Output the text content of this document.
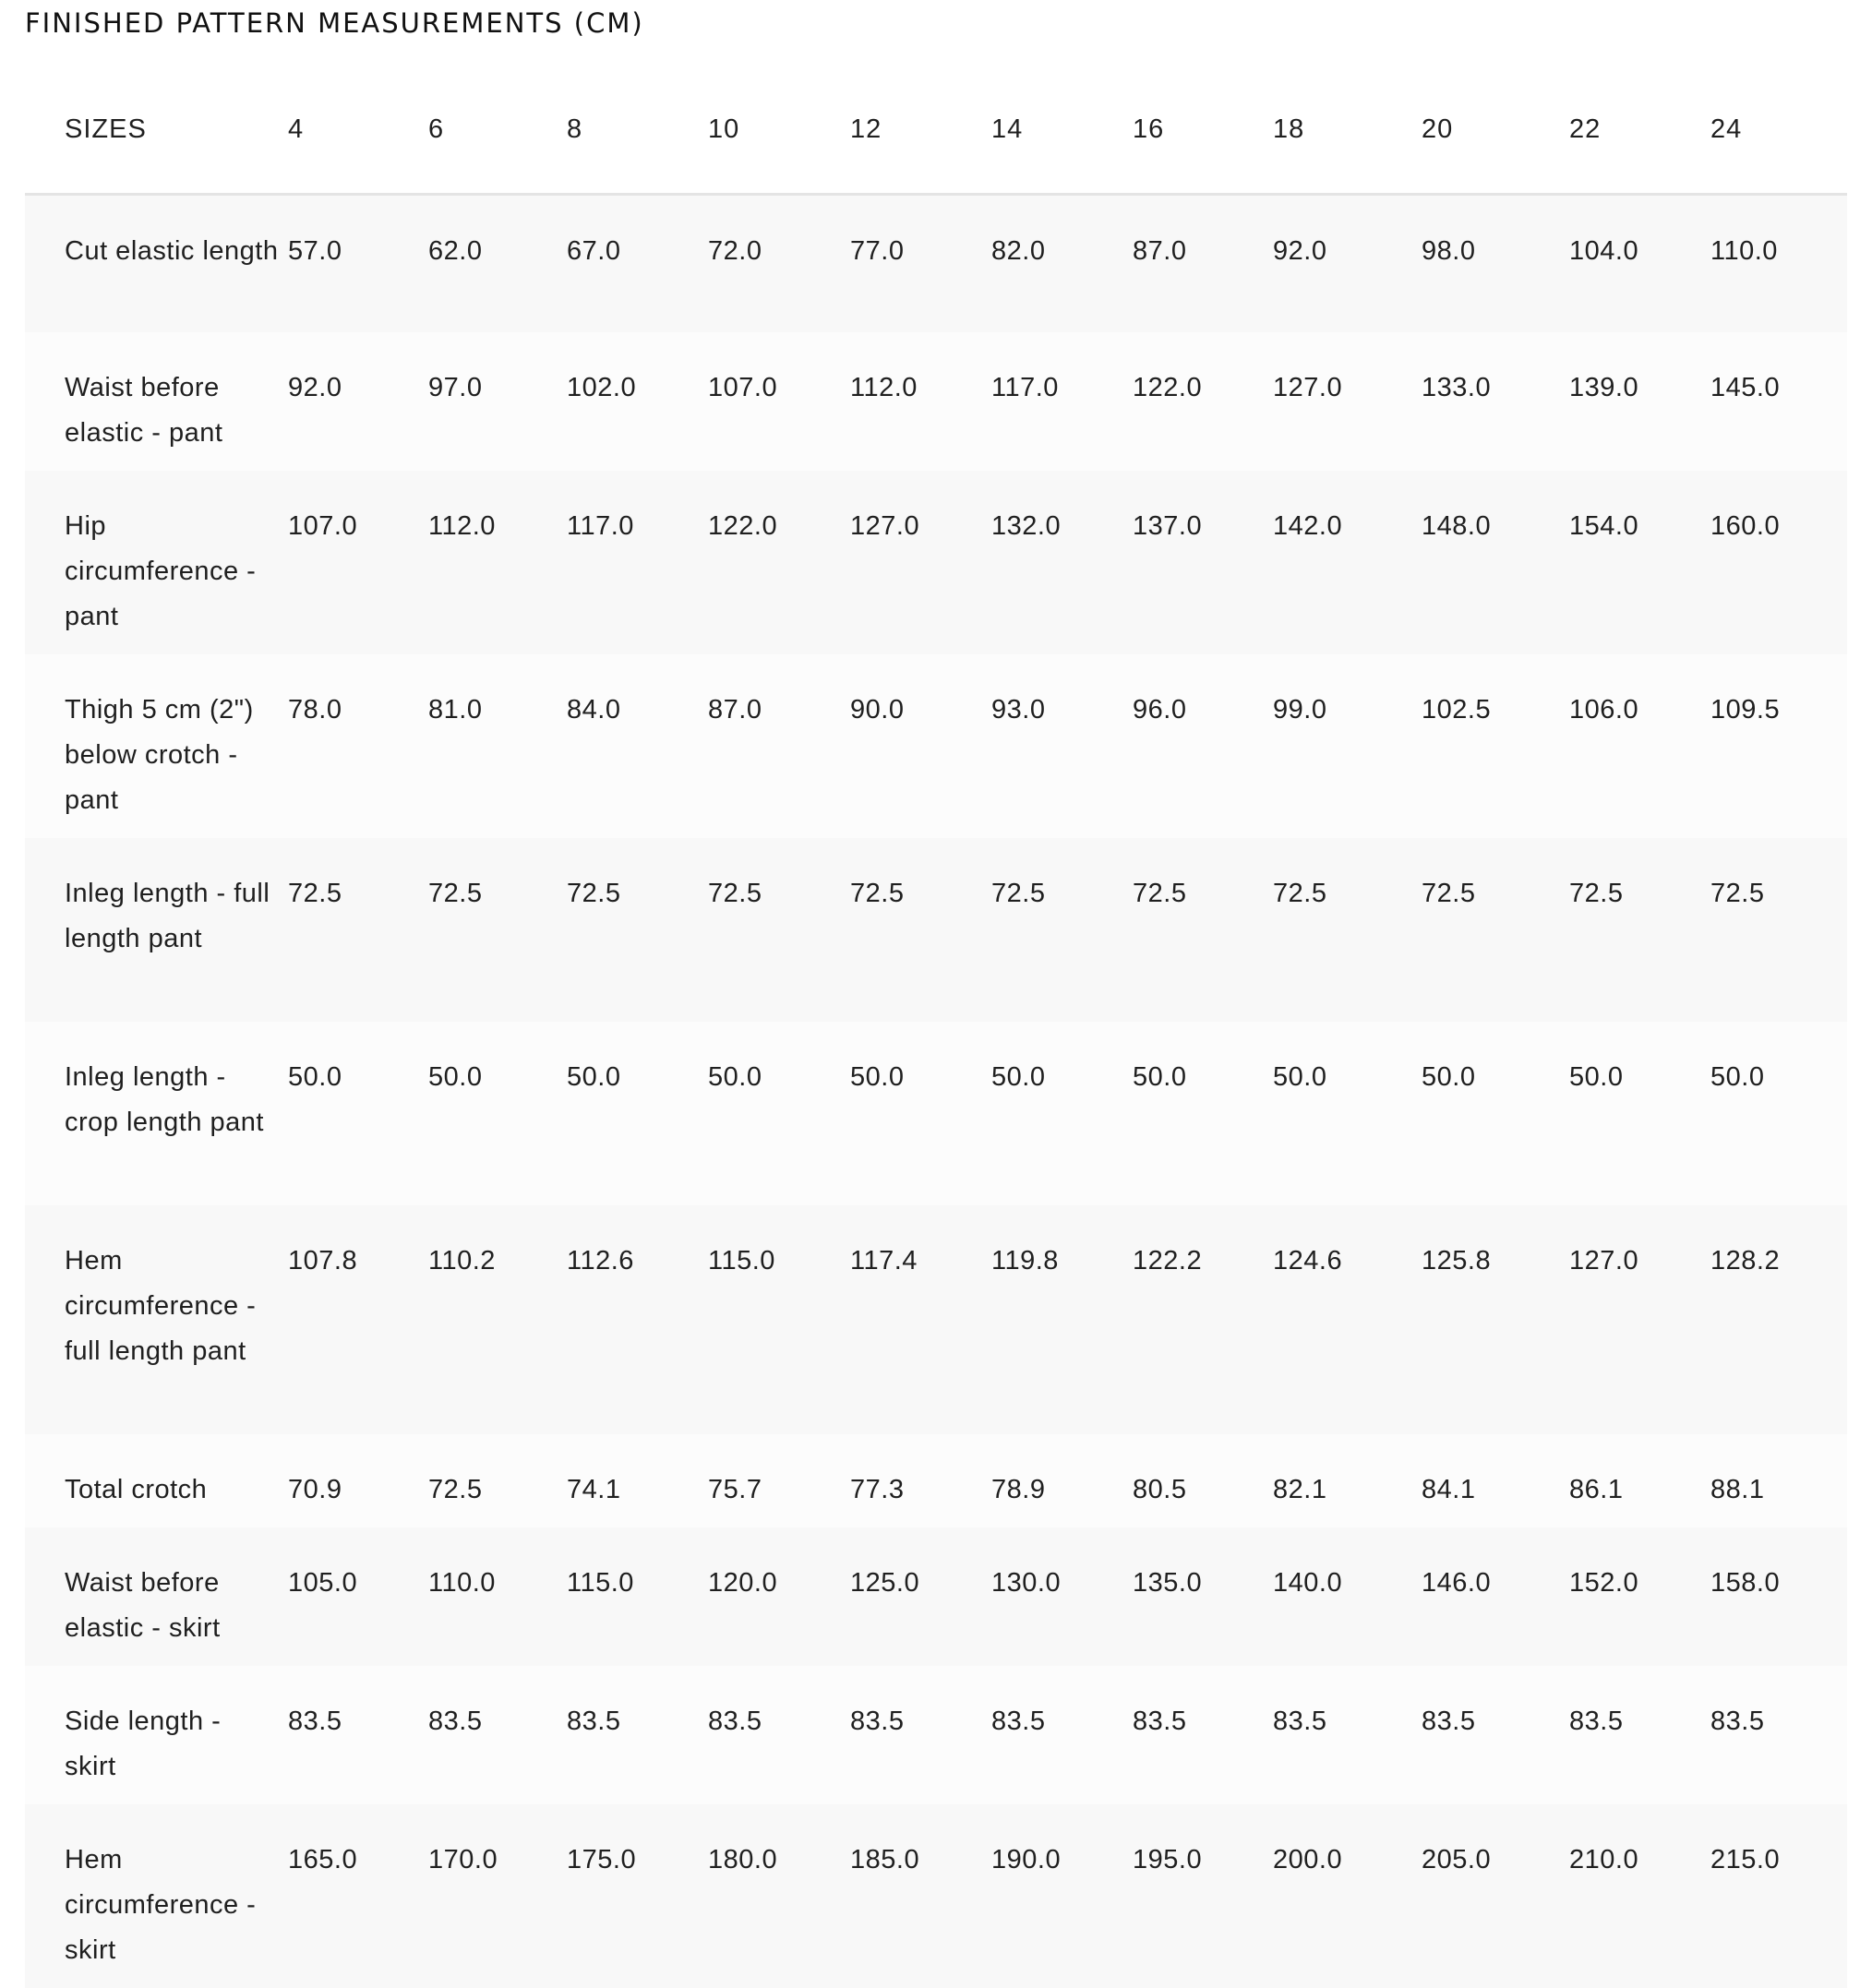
FINISHED PATTERN MEASUREMENTS (CM)
SIZES	4	6	8	10	12	14	16	18	20	22	24
Cut elastic length	57.0	62.0	67.0	72.0	77.0	82.0	87.0	92.0	98.0	104.0	110.0
Waist before elastic - pant	92.0	97.0	102.0	107.0	112.0	117.0	122.0	127.0	133.0	139.0	145.0
Hip circumference - pant	107.0	112.0	117.0	122.0	127.0	132.0	137.0	142.0	148.0	154.0	160.0
Thigh 5 cm (2") below crotch - pant	78.0	81.0	84.0	87.0	90.0	93.0	96.0	99.0	102.5	106.0	109.5
Inleg length - full length pant	72.5	72.5	72.5	72.5	72.5	72.5	72.5	72.5	72.5	72.5	72.5
Inleg length - crop length pant	50.0	50.0	50.0	50.0	50.0	50.0	50.0	50.0	50.0	50.0	50.0
Hem circumference - full length pant	107.8	110.2	112.6	115.0	117.4	119.8	122.2	124.6	125.8	127.0	128.2
Total crotch	70.9	72.5	74.1	75.7	77.3	78.9	80.5	82.1	84.1	86.1	88.1
Waist before elastic - skirt	105.0	110.0	115.0	120.0	125.0	130.0	135.0	140.0	146.0	152.0	158.0
Side length - skirt	83.5	83.5	83.5	83.5	83.5	83.5	83.5	83.5	83.5	83.5	83.5
Hem circumference - skirt	165.0	170.0	175.0	180.0	185.0	190.0	195.0	200.0	205.0	210.0	215.0
